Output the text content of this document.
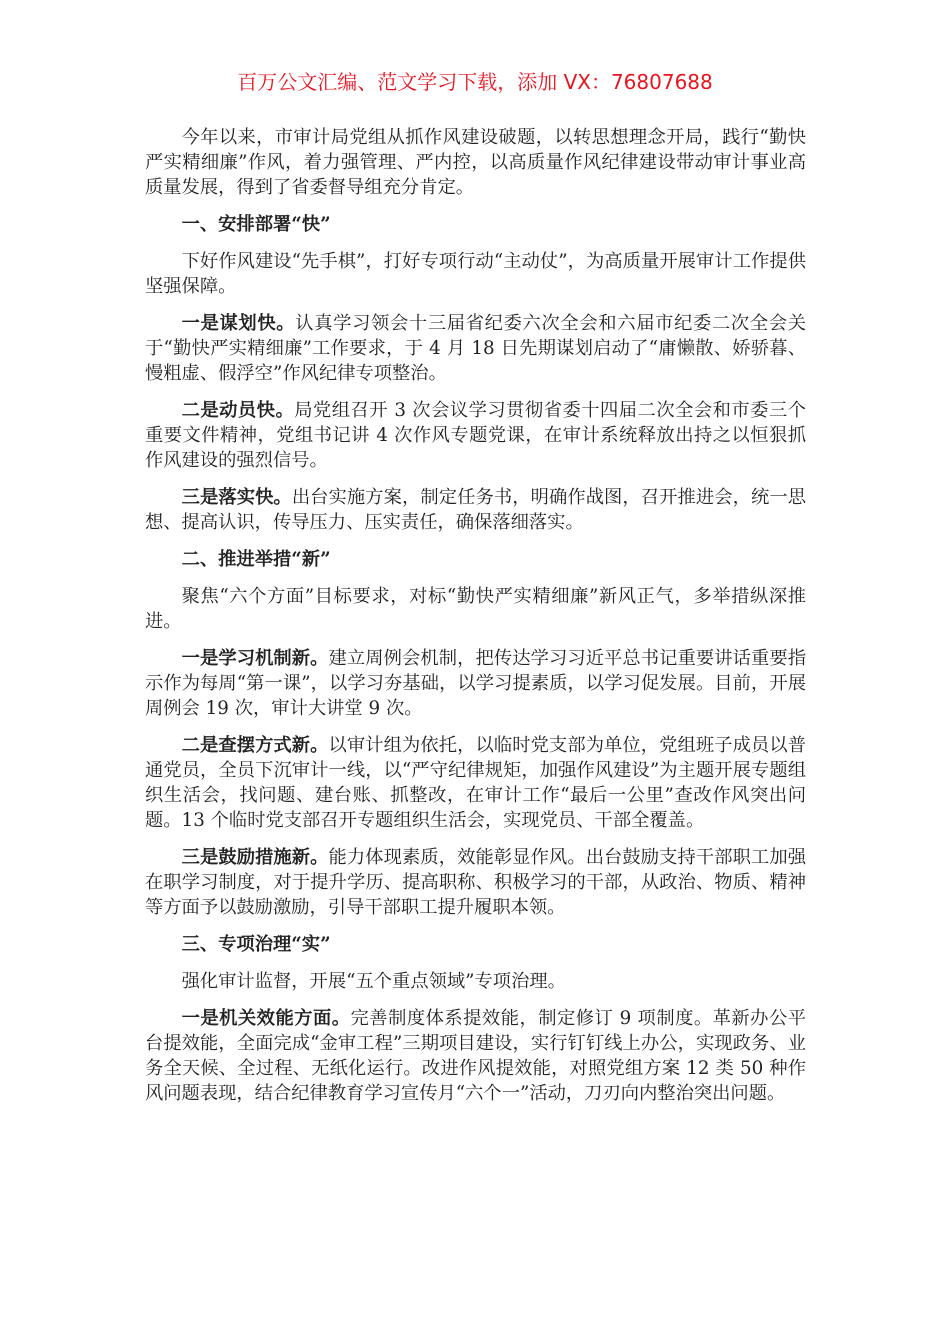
百万公文汇编、范文学习下载，添加 VX：76807688

今年以来，市审计局党组从抓作风建设破题，以转思想理念开局，践行“勤快严实精细廉”作风，着力强管理、严内控，以高质量作风纪律建设带动审计事业高质量发展，得到了省委督导组充分肯定。

一、安排部署“快”

下好作风建设“先手棋”，打好专项行动“主动仗”，为高质量开展审计工作提供坚强保障。

一是谋划快。认真学习领会十三届省纪委六次全会和六届市纪委二次全会关于“勤快严实精细廉”工作要求，于 4 月 18 日先期谋划启动了“庸懒散、娇骄暮、慢粗虚、假浮空”作风纪律专项整治。

二是动员快。局党组召开 3 次会议学习贯彻省委十四届二次全会和市委三个重要文件精神，党组书记讲 4 次作风专题党课，在审计系统释放出持之以恒狠抓作风建设的强烈信号。

三是落实快。出台实施方案，制定任务书，明确作战图，召开推进会，统一思想、提高认识，传导压力、压实责任，确保落细落实。

二、推进举措“新”

聚焦“六个方面”目标要求，对标“勤快严实精细廉”新风正气，多举措纵深推进。

一是学习机制新。建立周例会机制，把传达学习习近平总书记重要讲话重要指示作为每周“第一课”，以学习夯基础，以学习提素质，以学习促发展。目前，开展周例会 19 次，审计大讲堂 9 次。

二是查摆方式新。以审计组为依托，以临时党支部为单位，党组班子成员以普通党员，全员下沉审计一线，以“严守纪律规矩，加强作风建设”为主题开展专题组织生活会，找问题、建台账、抓整改，在审计工作“最后一公里”查改作风突出问题。13 个临时党支部召开专题组织生活会，实现党员、干部全覆盖。

三是鼓励措施新。能力体现素质，效能彰显作风。出台鼓励支持干部职工加强在职学习制度，对于提升学历、提高职称、积极学习的干部，从政治、物质、精神等方面予以鼓励激励，引导干部职工提升履职本领。

三、专项治理“实”

强化审计监督，开展“五个重点领域”专项治理。

一是机关效能方面。完善制度体系提效能，制定修订 9 项制度。革新办公平台提效能，全面完成“金审工程”三期项目建设，实行钉钉线上办公，实现政务、业务全天候、全过程、无纸化运行。改进作风提效能，对照党组方案 12 类 50 种作风问题表现，结合纪律教育学习宣传月“六个一”活动，刀刃向内整治突出问题。
